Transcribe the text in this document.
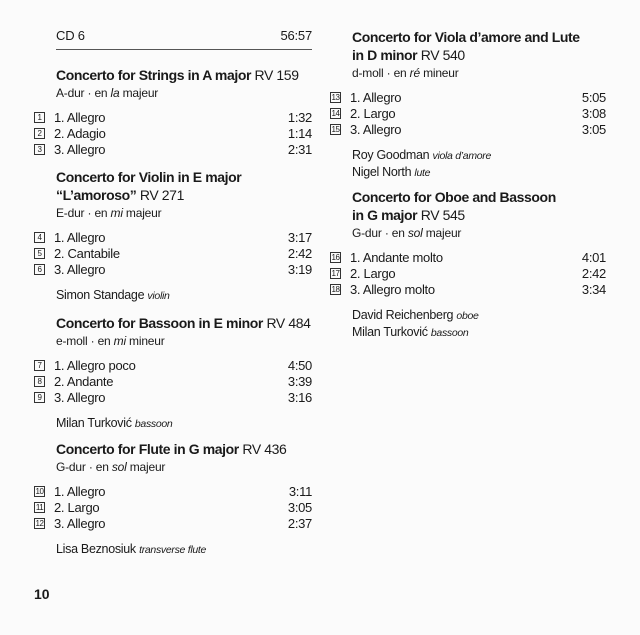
CD 6	56:57
Concerto for Strings in A major RV 159
A-dur · en la majeur
1 1. Allegro	1:32
2 2. Adagio	1:14
3 3. Allegro	2:31
Concerto for Violin in E major
“L’amoroso” RV 271
E-dur · en mi majeur
4 1. Allegro	3:17
5 2. Cantabile	2:42
6 3. Allegro	3:19
Simon Standage violin
Concerto for Bassoon in E minor RV 484
e-moll · en mi mineur
7 1. Allegro poco	4:50
8 2. Andante	3:39
9 3. Allegro	3:16
Milan Turković bassoon
Concerto for Flute in G major RV 436
G-dur · en sol majeur
10 1. Allegro	3:11
11 2. Largo	3:05
12 3. Allegro	2:37
Lisa Beznosiuk transverse flute
Concerto for Viola d’amore and Lute
in D minor RV 540
d-moll · en ré mineur
13 1. Allegro	5:05
14 2. Largo	3:08
15 3. Allegro	3:05
Roy Goodman viola d’amore
Nigel North lute
Concerto for Oboe and Bassoon
in G major RV 545
G-dur · en sol majeur
16 1. Andante molto	4:01
17 2. Largo	2:42
18 3. Allegro molto	3:34
David Reichenberg oboe
Milan Turković bassoon
10
